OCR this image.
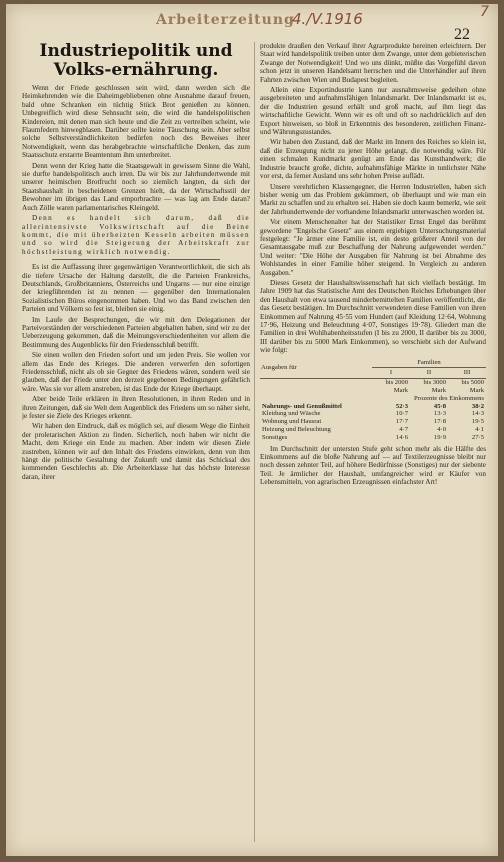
Arbeiterzeitung
4./V.1916	7
22
Industriepolitik und Volks-ernährung.

Wenn der Friede geschlossen sein wird, dann werden sich die Heimkehrenden wie die Daheimgebliebenen ohne Ausnahme darauf freuen, bald ohne Schranken ein tüchtig Stück Brot genießen zu können. Unbegreiflich wird diese Sehnsucht sein, die wird die handelspolitischen Kindereien, mit denen man sich heute und die Zeit zu vertreiben scheint, wie Flaumfedern hinwegblasen. Darüber sollte keine Täuschung sein. Aber selbst solche Selbstverständlichkeiten bedürfen noch des Beweises ihrer Notwendigkeit, wenn das herabgebrachte wirtschaftliche Denken, das zum Staatsschutz erstarrte Beamtentum ihm unterbreitet.

Denn wenn der Krieg hatte die Staatsgewalt in gewissem Sinne die Wahl, sie durfte handelspolitisch auch irren. Da wir bis zur Jahrhundertwende mit unserer heimischen Brotfrucht noch so ziemlich langten, da sich der Staatshaushalt in bescheidenen Grenzen hielt, da der Wirtschaftsstil der Bewohner im übrigen das Land emporbrachte — was lag am Ende daran? Auch Zölle waren parlamentarisches Kleingeld.

Denn es handelt sich darum, daß die allerintensivste Volkswirtschaft auf die Beine kommt, die mit überheizten Kesseln arbeiten müssen und so wird die Steigerung der Arbeitskraft zur höchstleistung wirklich notwendig.

Es ist die Auffassung ihrer gegenwärtigen Verantwortlichkeit, die sich als die tiefere Ursache der Haltung darstellt, die die Parteien Frankreichs, Deutschlands, Großbritanniens, Österreichs und Ungarns — nur eine einzige der kriegführenden ist zu nennen — gegenüber den Internationalen Sozialistischen Büros eingenommen haben. Und wo das Band zwischen den Parteien und Völkern so fest ist, bleiben sie einig.

Im Laufe der Besprechungen, die wir mit den Delegationen der Parteivorständen der verschiedenen Parteien abgehalten haben, sind wir zu der Ueberzeugung gekommen, daß die Meinungsverschiedenheiten vor allem die Bestimmung des Augenblicks für den Friedensschluß betrifft.

Sie einen wollen den Frieden sofort und um jeden Preis. Sie wollen vor allem das Ende des Krieges. Die anderen verwerfen den sofortigen Friedensschluß, nicht als ob sie Gegner des Friedens wären, sondern weil sie glauben, daß der Friede unter den derzeit gegebenen Bedingungen gefährlich wäre. Was sie vor allem anstreben, ist das Ende der Kriege überhaupt.

Aber beide Teile erklären in ihren Resolutionen, in ihren Reden und in ihren Zeitungen, daß sie Welt dem Augenblick des Friedens um so näher sieht, je fester sie Ziele des Krieges erkennt.

Wir haben den Eindruck, daß es möglich sei, auf diesem Wege die Einheit der proletarischen Aktion zu finden. Sicherlich, noch haben wir nicht die Macht, dem Kriege ein Ende zu machen. Aber indem wir diesen Ziele zustreben, können wir auf den Inhalt des Friedens einwirken, denn von ihm hängt die politische Gestaltung der Zukunft und damit das Schicksal des kommenden Geschlechts ab. Die Arbeiterklasse hat das höchste Interesse daran, ihrer

produkte draußen den Verkauf ihrer Agrarprodukte hereinen erleichtern. Der Staat wird handelspolitik treiben unter dem Zwange, unter dem gebieterischen Zwange der Notwendigkeit! Und wo uns dünkt, müßte das Vorgefühl davon schon jetzt in unseren Handelsamt herrschen und die Unterhändler auf ihren Fahrten zwischen Wien und Budapest begleiten.

Allein eine Exportindustrie kann nur ausnahmsweise gedeihen ohne ausgebreiteten und aufnahmsfähigen Inlandsmarkt. Der Inlandsmarkt ist es, der die Industrien gesund erhält und groß macht, auf ihm liegt das wirtschaftliche Gewicht. Wenn wir es oft und oft so nachdrücklich auf den Export hinweisen, so bloß in Erkenntnis des besonderen, zeitlichen Finanz- und Währungszustandes.

Wir haben den Zustand, daß der Markt im Innern des Reiches so klein ist, daß die Erzeugung nicht zu jener Höhe gelangt, die notwendig wäre. Für einen schmalen Kundmarkt genügt am Ende das Kunsthandwerk; die Industrie braucht große, dichte, aufnahmsfähige Märkte in tunlichster Nähe vor erst, da ferner Ausland uns sehr hohen Preise auflädt.

Unsere verehrlichen Klassengegner, die Herren Industriellen, haben sich bisher wenig um das Problem gekümmert, ob überhaupt und wie man ein Markt zu schaffen und zu erhalten sei. Haben sie doch kaum bemerkt, wie seit der Jahrhundertwende der vorhandene Inlandsmarkt unterwaschen worden ist.

Vor einem Menschenalter hat der Statistiker Ernst Engel das berühmt gewordene "Engelsche Gesetz" aus einem ergiebigen Untersuchungsmaterial festgelegt: "Je ärmer eine Familie ist, ein desto größerer Anteil von der Gesamtausgabe muß zur Beschaffung der Nahrung aufgewendet werden." Und weiter: "Die Höhe der Ausgaben für Nahrung ist bei Abnahme des Wohlstandes in einer Familie höher steigend. In Vergleich zu anderen Ausgaben."

Dieses Gesetz der Haushaltswissenschaft hat sich vielfach bestätigt. Im Jahre 1909 hat das Statistische Amt des Deutschen Reiches Erhebungen über den Haushalt von etwa tausend minderbemittelten Familien veröffentlicht, die das Gesetz bestätigen. Im Durchschnitt verwendeten diese Familien von ihren Einkommen auf Nahrung 45·55 vom Hundert (auf Kleidung 12·64, Wohnung 17·96, Heizung und Beleuchtung 4·07, Sonstiges 19·78). Gliedert man die Familien in drei Wohlhabenheitsstufen (I bis zu 2000, II darüber bis zu 3000, III darüber bis zu 5000 Mark Einkommen), so verschiebt sich der Aufwand wie folgt:

Ausgaben für	Familien		
	I	II	III
	bis 2000 Mark	bis 3000 Mark	bis 5000 Mark
Prozente des Einkommens			
Nahrungs- und Genußmittel	52·3	45·8	38·2
Kleidung und Wäsche	10·7	13·3	14·3
Wohnung und Hausrat	17·7	17·8	19·5
Heizung und Beleuchtung	4·7	4·0	4·1
Sonstiges	14·6	19·9	27·5

Im Durchschnitt der untersten Stufe geht schon mehr als die Hälfte des Einkommens auf die bloße Nahrung auf — auf Textilerzeugnisse bleibt nur noch dessen zehnter Teil, auf höhere Bedürfnisse (Sonstiges) nur der siebente Teil. Je ärmlicher der Haushalt, umfangreicher wird er Käufer von Lebensmitteln, von agrarischen Erzeugnissen einfachster Art!
